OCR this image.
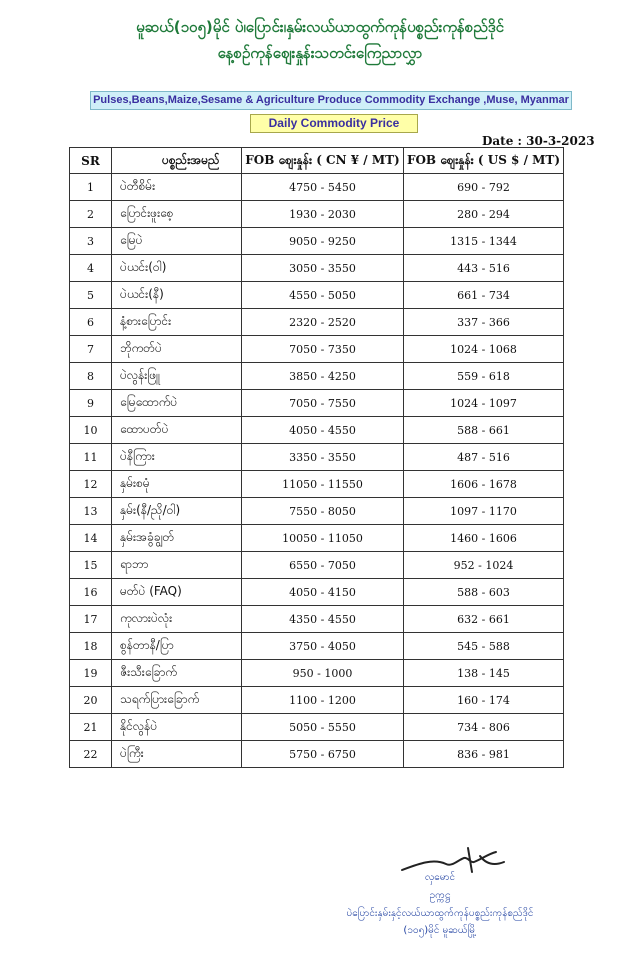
မူဆယ်(၁၀၅)မိုင် ပဲ၊ပြောင်း၊နှမ်းလယ်ယာထွက်ကုန်ပစ္စည်းကုန်စည်ဒိုင်
နေ့စဉ်ကုန်ဈေးနှုန်းသတင်းကြေညာလွှာ
Pulses,Beans,Maize,Sesame & Agriculture Produce Commodity Exchange ,Muse, Myanmar
Daily Commodity Price
Date : 30-3-2023
SR	ပစ္စည်းအမည်	FOB ဈေးနှုန်း ( CN ¥ / MT)	FOB ဈေးနှုန်း ( US $ / MT)
1	ပဲတီစိမ်း	4750 - 5450	690 - 792
2	ပြောင်းဖူးစေ့	1930 - 2030	280 - 294
3	မြေပဲ	9050 - 9250	1315 - 1344
4	ပဲယင်း(ဝါ)	3050 - 3550	443 - 516
5	ပဲယင်း(နီ)	4550 - 5050	661 - 734
6	နံ့စားပြောင်း	2320 - 2520	337 - 366
7	ဘိုကတ်ပဲ	7050 - 7350	1024 - 1068
8	ပဲလွန်းဖြူ	3850 - 4250	559 - 618
9	မြေထောက်ပဲ	7050 - 7550	1024 - 1097
10	ထောပတ်ပဲ	4050 - 4550	588 - 661
11	ပဲနီကြား	3350 - 3550	487 - 516
12	နှမ်းစမုံ	11050 - 11550	1606 - 1678
13	နှမ်း(နီ/ညို/ဝါ)	7550 - 8050	1097 - 1170
14	နှမ်းအခွံချွတ်	10050 - 11050	1460 - 1606
15	ရာဘာ	6550 - 7050	952 - 1024
16	မတ်ပဲ (FAQ)	4050 - 4150	588 - 603
17	ကုလားပဲလုံး	4350 - 4550	632 - 661
18	စွန်တာနီ/ပြာ	3750 - 4050	545 - 588
19	ဇီးသီးခြောက်	950 - 1000	138 - 145
20	သရက်ပြားခြောက်	1100 - 1200	160 - 174
21	နိုင်လွန်ပဲ	5050 - 5550	734 - 806
22	ပဲကြီး	5750 - 6750	836 - 981
လှမောင်
ဥက္ကဋ္ဌ
ပဲပြောင်းနှမ်းနှင့်လယ်ယာထွက်ကုန်ပစ္စည်းကုန်စည်ဒိုင်
(၁၀၅)မိုင် မူဆယ်မြို့
